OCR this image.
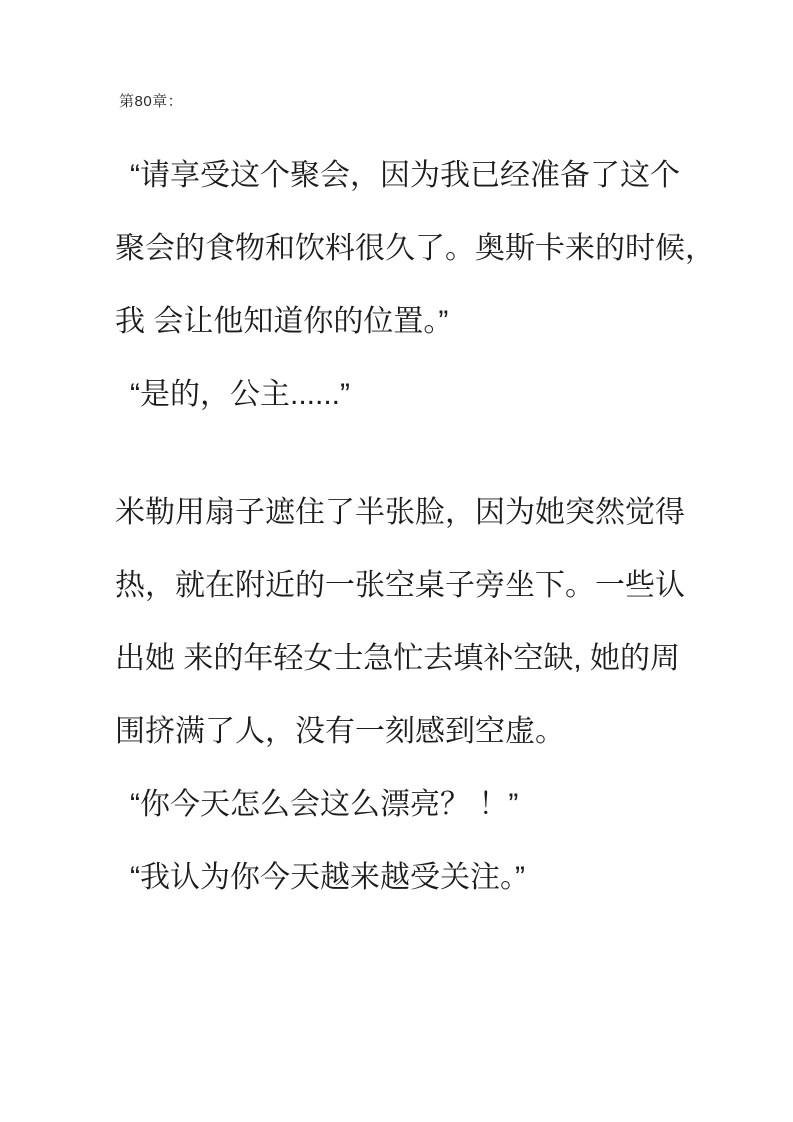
第80章：
“请享受这个聚会，因为我已经准备了这个
聚会的食物和饮料很久了。奥斯卡来的时候，
我 会让他知道你的位置。”
“是的，公主......”
米勒用扇子遮住了半张脸，因为她突然觉得
热，就在附近的一张空桌子旁坐下。一些认
出她 来的年轻女士急忙去填补空缺, 她的周
围挤满了人，没有一刻感到空虚。
“你今天怎么会这么漂亮？ ！”
“我认为你今天越来越受关注。”
